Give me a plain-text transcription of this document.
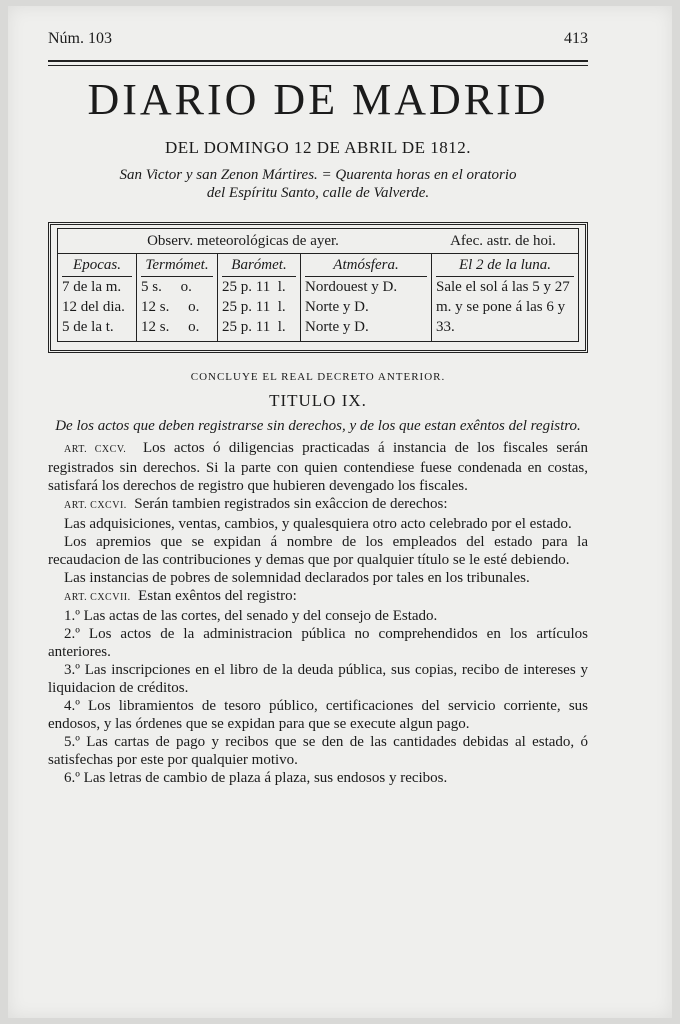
Núm. 103	413
DIARIO DE MADRID
DEL DOMINGO 12 DE ABRIL DE 1812.
San Victor y san Zenon Mártires. = Quarenta horas en el oratorio
del Espíritu Santo, calle de Valverde.
Observ. meteorológicas de ayer.	Afec. astr. de hoi.
Epocas.
7 de la m.
12 del dia.
5 de la t.
Termómet.
5 s.     o.
12 s.     o.
12 s.     o.
Barómet.
25 p. 11  l.
25 p. 11  l.
25 p. 11  l.
Atmósfera.
Nordouest y D.
Norte y D.
Norte y D.
El 2 de la luna.
Sale el sol á las 5 y 27 m. y se pone á las 6 y 33.
CONCLUYE EL REAL DECRETO ANTERIOR.
TITULO IX.
De los actos que deben registrarse sin derechos, y de los que estan exêntos del registro.

ART. CXCV. Los actos ó diligencias practicadas á instancia de los fiscales serán registrados sin derechos. Si la parte con quien contendiese fuese condenada en costas, satisfará los derechos de registro que hubieren devengado los fiscales.

ART. CXCVI. Serán tambien registrados sin exâccion de derechos:

Las adquisiciones, ventas, cambios, y qualesquiera otro acto celebrado por el estado.

Los apremios que se expidan á nombre de los empleados del estado para la recaudacion de las contribuciones y demas que por qualquier título se le esté debiendo.

Las instancias de pobres de solemnidad declarados por tales en los tribunales.

ART. CXCVII. Estan exêntos del registro:

1.º Las actas de las cortes, del senado y del consejo de Estado.

2.º Los actos de la administracion pública no comprehendidos en los artículos anteriores.

3.º Las inscripciones en el libro de la deuda pública, sus copias, recibo de intereses y liquidacion de créditos.

4.º Los libramientos de tesoro público, certificaciones del servicio corriente, sus endosos, y las órdenes que se expidan para que se execute algun pago.

5.º Las cartas de pago y recibos que se den de las cantidades debidas al estado, ó satisfechas por este por qualquier motivo.

6.º Las letras de cambio de plaza á plaza, sus endosos y recibos.
